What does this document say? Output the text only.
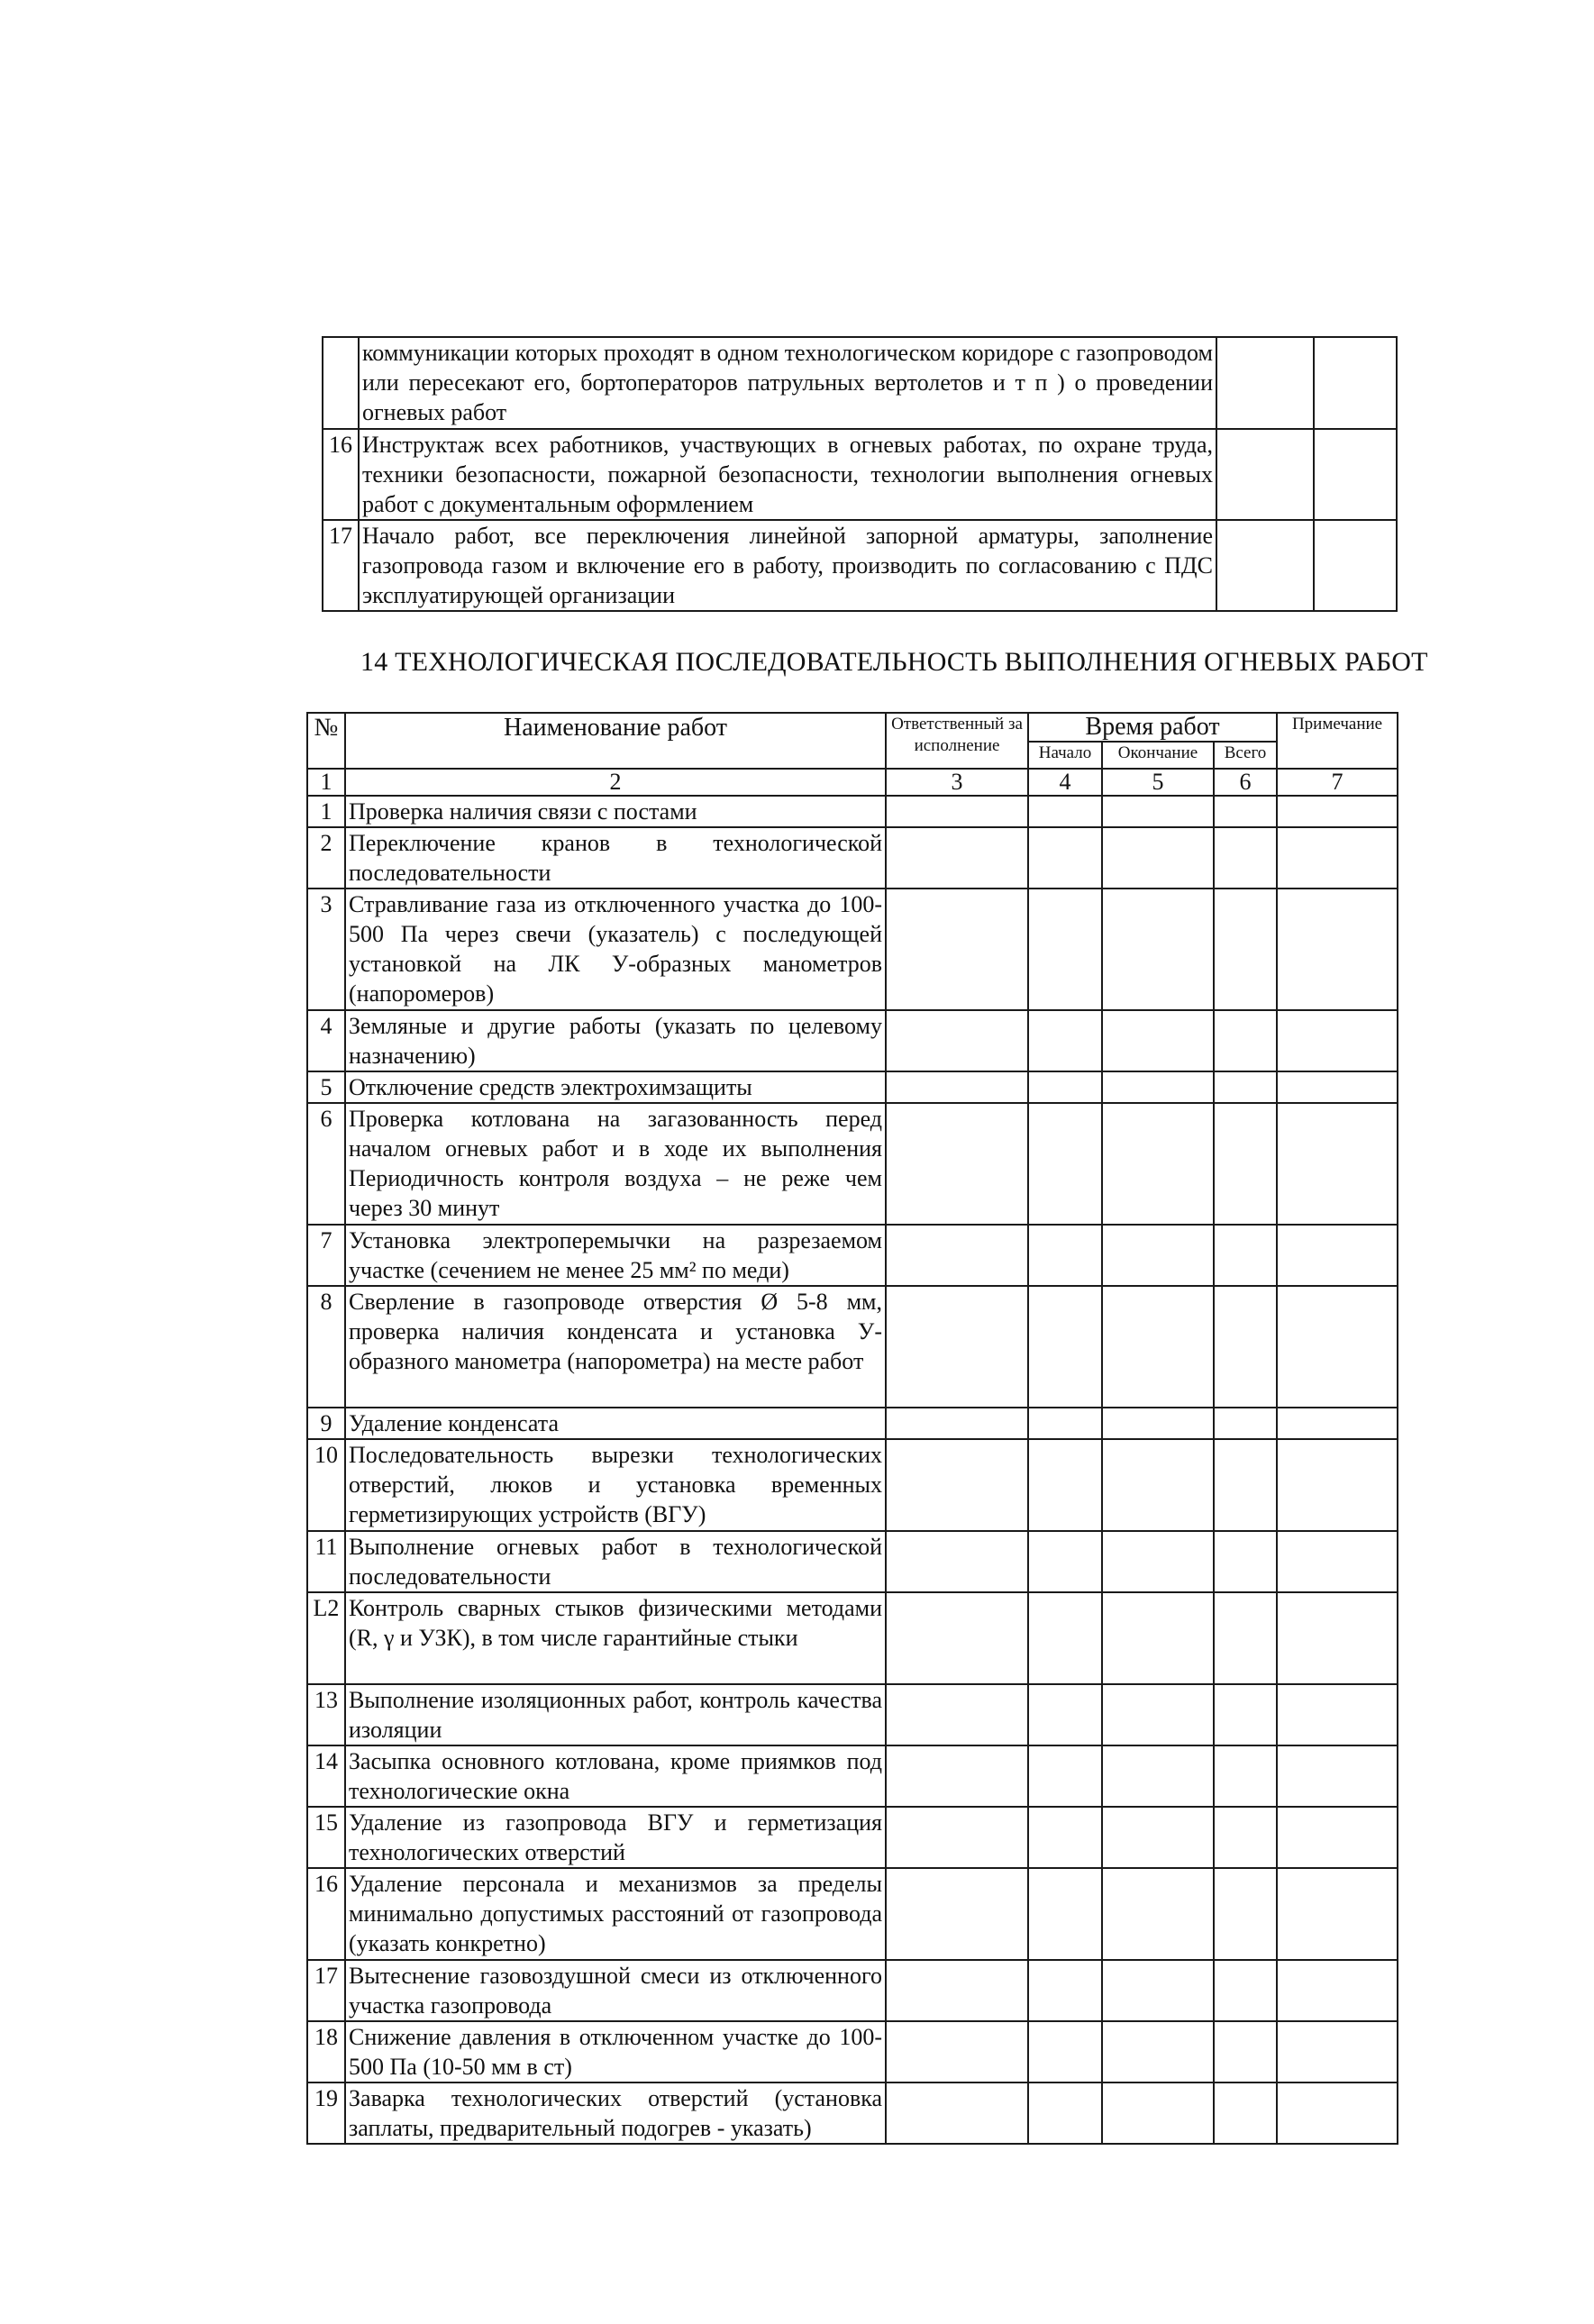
	коммуникации которых проходят в одном технологическом коридоре с газопроводом или пересекают его, бортоператоров патрульных вертолетов и т п ) о проведении огневых работ		
16	Инструктаж всех работников, участвующих в огневых работах, по охране труда, техники безопасности, пожарной безопасности, технологии выполнения огневых работ с документальным оформлением		
17	Начало работ, все переключения линейной запорной арматуры, заполнение газопровода газом и включение его в работу, производить по согласованию с ПДС эксплуатирующей организации		
14 ТЕХНОЛОГИЧЕСКАЯ ПОСЛЕДОВАТЕЛЬНОСТЬ ВЫПОЛНЕНИЯ ОГНЕВЫХ РАБОТ
№	Наименование работ	Ответственный за исполнение	Время работ			Примечание
			Начало	Окончание	Всего	
1	2	3	4	5	6	7
1	Проверка наличия связи с постами					
2	Переключение кранов в технологической последовательности					
3	Стравливание газа из отключенного участка до 100-500 Па через свечи (указатель) с последующей установкой на ЛК У-образных манометров (напоромеров)					
4	Земляные и другие работы (указать по целевому назначению)					
5	Отключение средств электрохимзащиты					
6	Проверка котлована на загазованность перед началом огневых работ и в ходе их выполнения Периодичность контроля воздуха – не реже чем через 30 минут					
7	Установка электроперемычки на разрезаемом участке (сечением не менее 25 мм² по меди)					
8	Сверление в газопроводе отверстия Ø 5-8 мм, проверка наличия конденсата и установка У-образного манометра (напорометра) на месте работ					
9	Удаление конденсата					
10	Последовательность вырезки технологических отверстий, люков и установка временных герметизирующих устройств (ВГУ)					
11	Выполнение огневых работ в технологической последовательности					
L2	Контроль сварных стыков физическими методами (R, γ и УЗК), в том числе гарантийные стыки					
13	Выполнение изоляционных работ, контроль качества изоляции					
14	Засыпка основного котлована, кроме приямков под технологические окна					
15	Удаление из газопровода ВГУ и герметизация технологических отверстий					
16	Удаление персонала и механизмов за пределы минимально допустимых расстояний от газопровода (указать конкретно)					
17	Вытеснение газовоздушной смеси из отключенного участка газопровода					
18	Снижение давления в отключенном участке до 100-500 Па (10-50 мм в ст)					
19	Заварка технологических отверстий (установка заплаты, предварительный подогрев - указать)					
